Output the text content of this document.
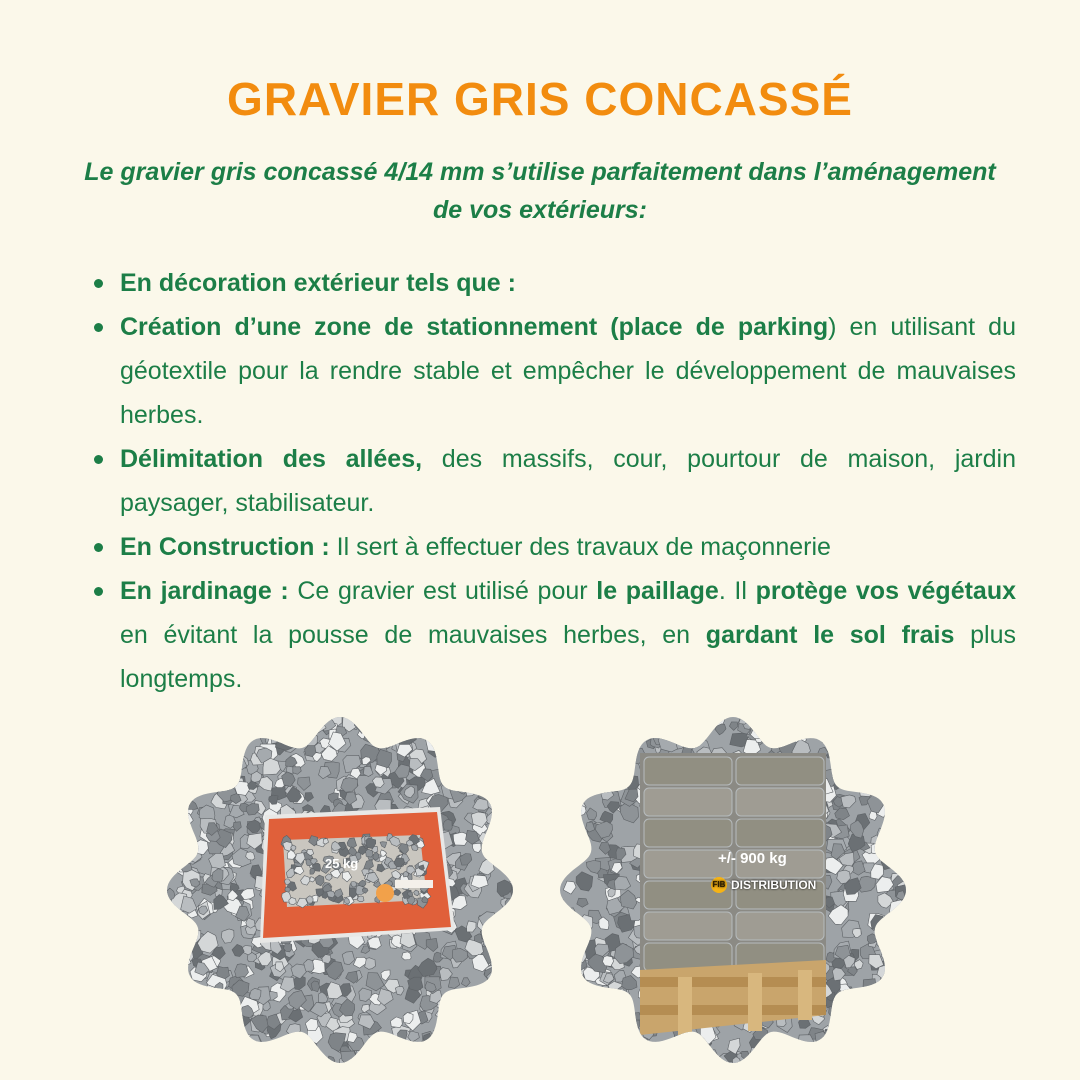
GRAVIER GRIS CONCASSÉ
Le gravier gris concassé 4/14 mm s’utilise parfaitement dans l’aménagement de vos extérieurs:
En décoration extérieur tels que :
Création d’une zone de stationnement (place de parking) en utilisant du géotextile pour la rendre stable et empêcher le développement de mauvaises herbes.
Délimitation des allées, des massifs, cour, pourtour de maison, jardin paysager, stabilisateur.
En Construction : Il sert à effectuer des travaux de maçonnerie
En jardinage : Ce gravier est utilisé pour le paillage. Il protège vos végétaux en évitant la pousse de mauvaises herbes, en gardant le sol frais plus longtemps.
25 kg	+/- 900 kg
FIB DISTRIBUTION
